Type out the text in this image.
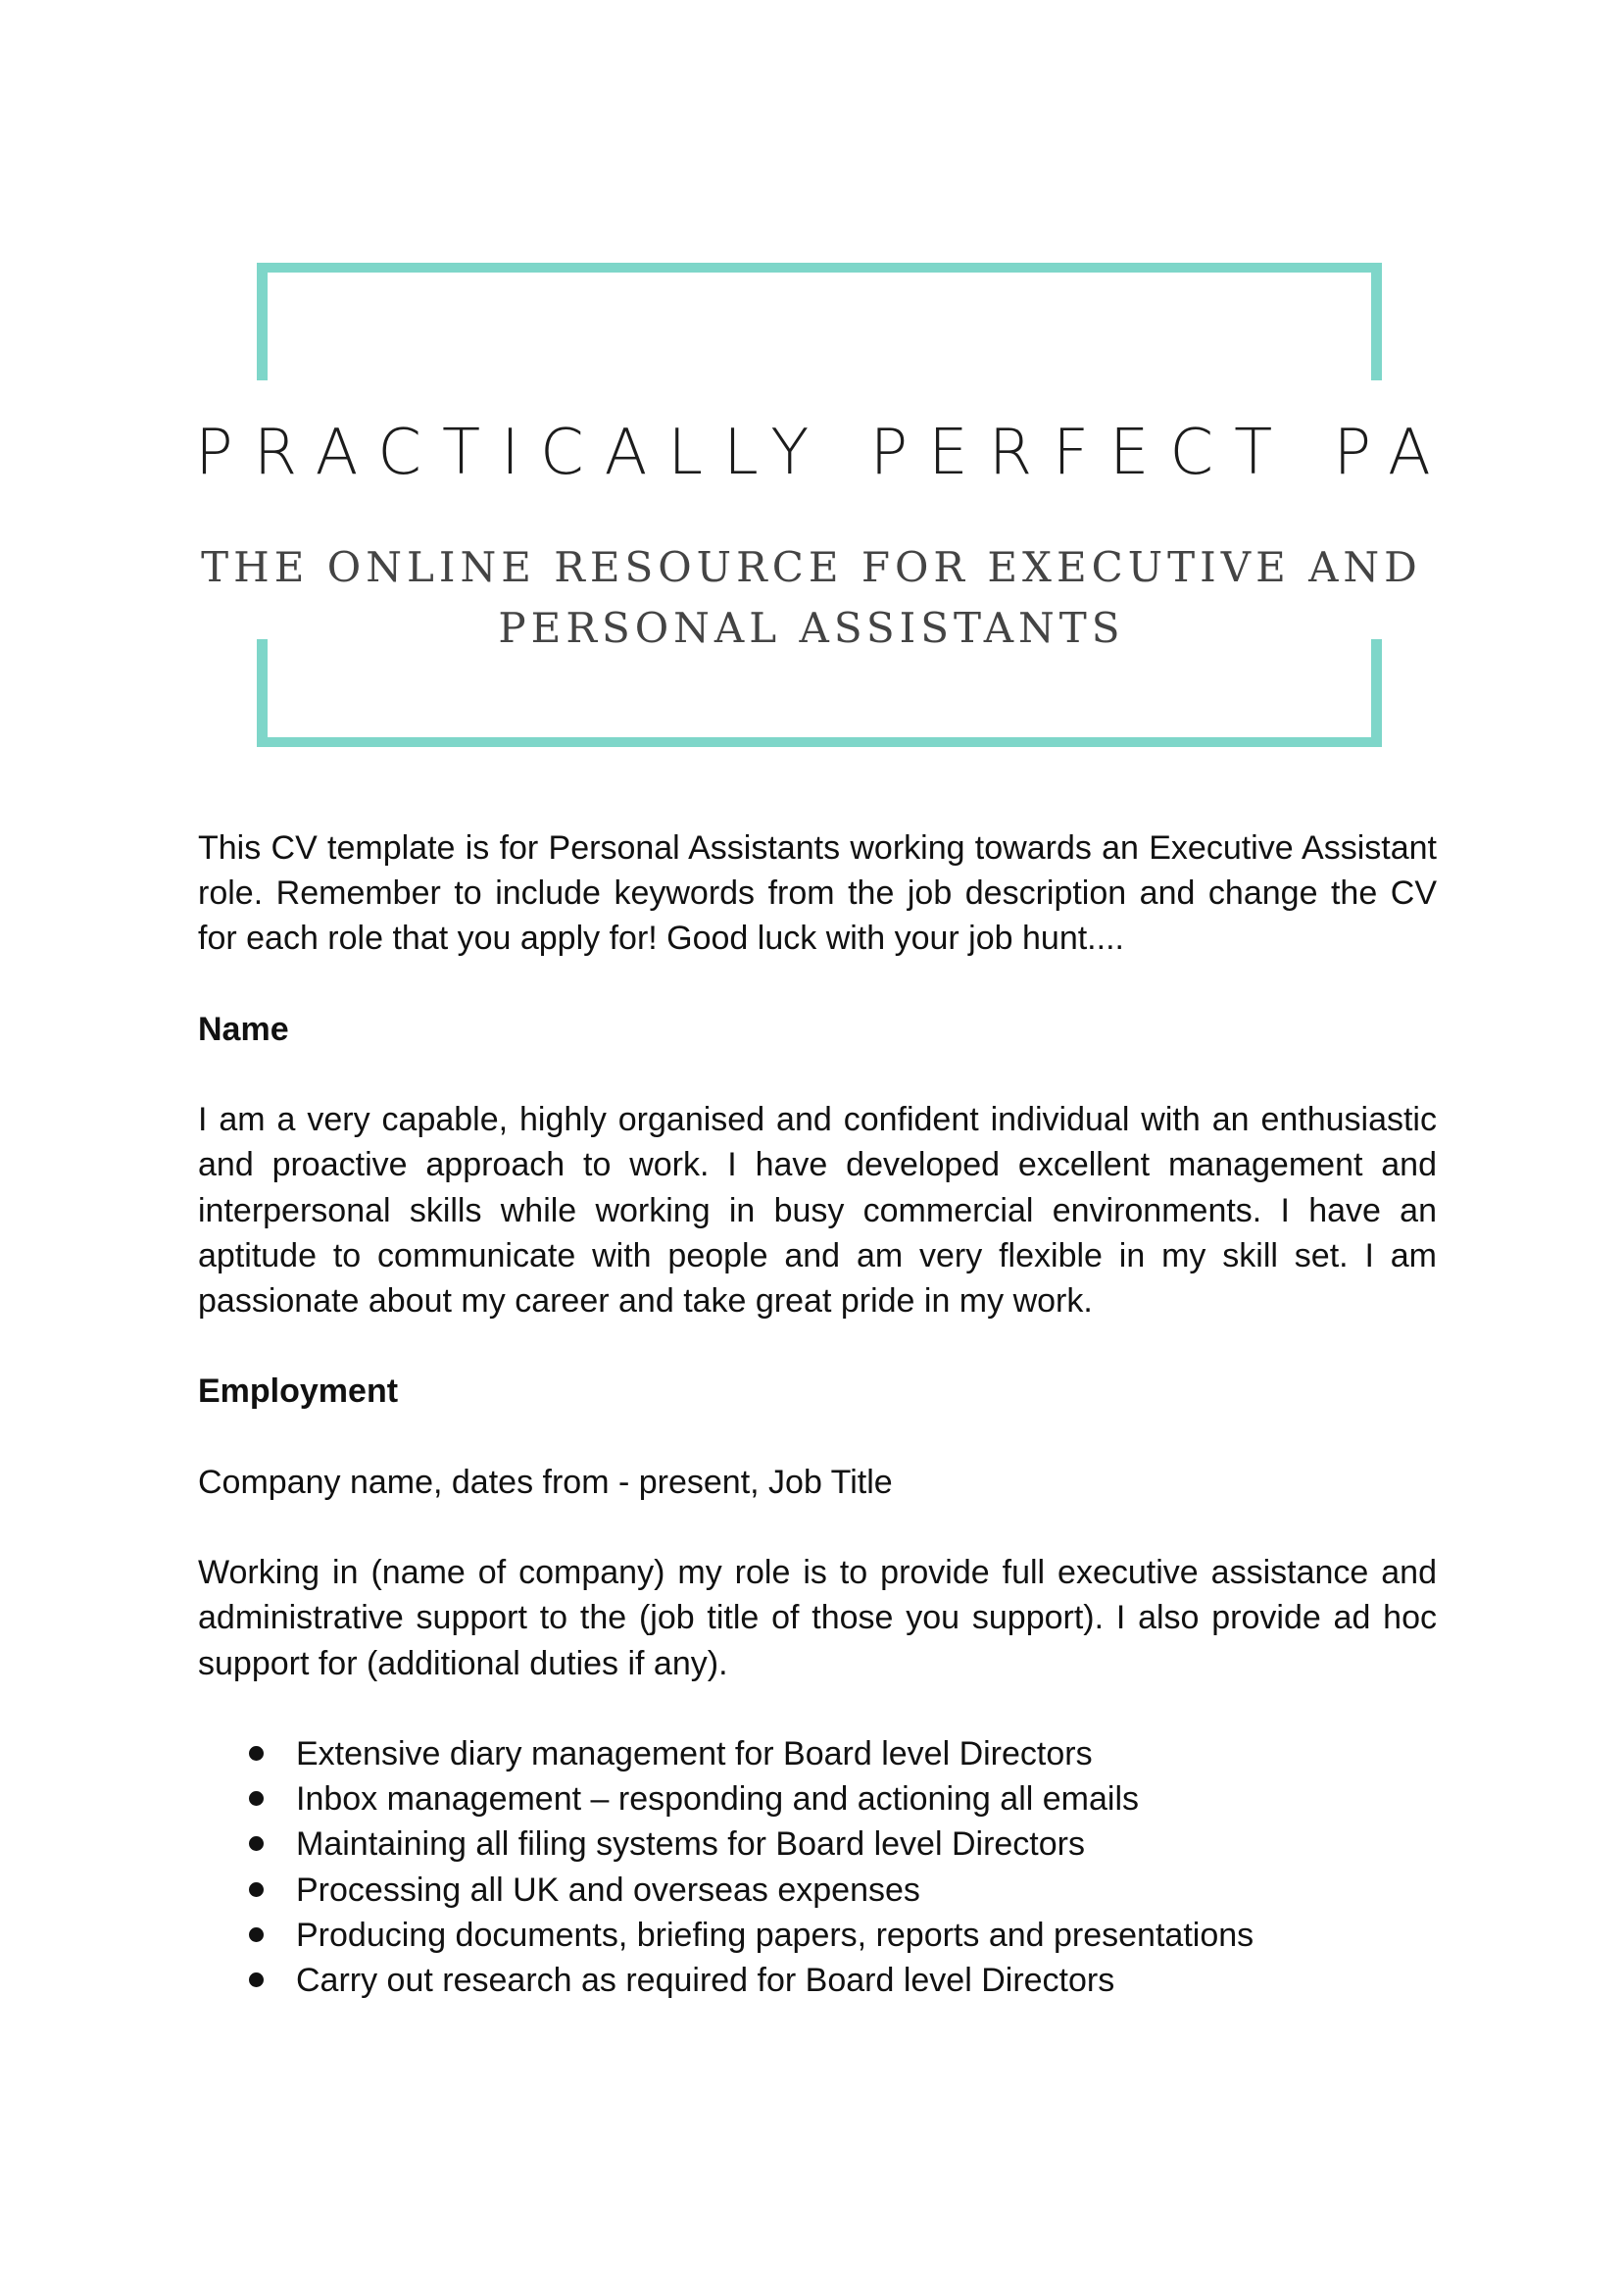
PRACTICALLY PERFECT PA
THE ONLINE RESOURCE FOR EXECUTIVE AND
PERSONAL ASSISTANTS

This CV template is for Personal Assistants working towards an Executive Assistant role. Remember to include keywords from the job description and change the CV for each role that you apply for! Good luck with your job hunt....

Name

I am a very capable, highly organised and confident individual with an enthusiastic and proactive approach to work. I have developed excellent management and interpersonal skills while working in busy commercial environments. I have an aptitude to communicate with people and am very flexible in my skill set. I am passionate about my career and take great pride in my work.

Employment

Company name, dates from - present, Job Title

Working in (name of company) my role is to provide full executive assistance and administrative support to the (job title of those you support). I also provide ad hoc support for (additional duties if any).

Extensive diary management for Board level Directors
Inbox management – responding and actioning all emails
Maintaining all filing systems for Board level Directors
Processing all UK and overseas expenses
Producing documents, briefing papers, reports and presentations
Carry out research as required for Board level Directors
